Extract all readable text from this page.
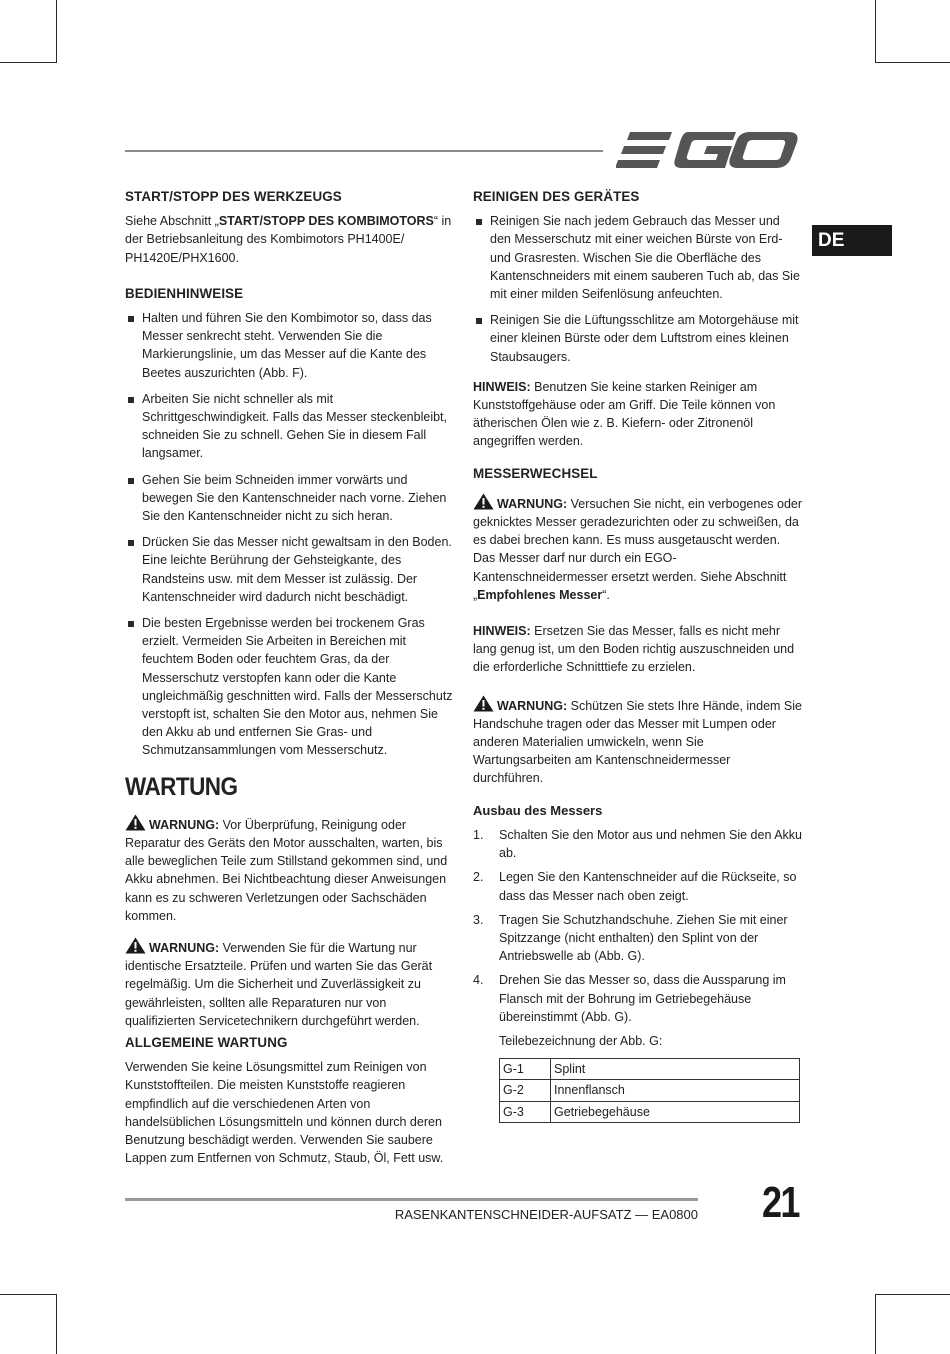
EGO
DE
START/STOPP DES WERKZEUGS
Siehe Abschnitt „START/STOPP DES KOMBIMOTORS“ in der Betriebsanleitung des Kombimotors PH1400E/ PH1420E/PHX1600.
BEDIENHINWEISE
Halten und führen Sie den Kombimotor so, dass das Messer senkrecht steht. Verwenden Sie die Markierungslinie, um das Messer auf die Kante des Beetes auszurichten (Abb. F).
Arbeiten Sie nicht schneller als mit Schrittgeschwindigkeit. Falls das Messer steckenbleibt, schneiden Sie zu schnell. Gehen Sie in diesem Fall langsamer.
Gehen Sie beim Schneiden immer vorwärts und bewegen Sie den Kantenschneider nach vorne. Ziehen Sie den Kantenschneider nicht zu sich heran.
Drücken Sie das Messer nicht gewaltsam in den Boden. Eine leichte Berührung der Gehsteigkante, des Randsteins usw. mit dem Messer ist zulässig. Der Kantenschneider wird dadurch nicht beschädigt.
Die besten Ergebnisse werden bei trockenem Gras erzielt. Vermeiden Sie Arbeiten in Bereichen mit feuchtem Boden oder feuchtem Gras, da der Messerschutz verstopfen kann oder die Kante ungleichmäßig geschnitten wird. Falls der Messerschutz verstopft ist, schalten Sie den Motor aus, nehmen Sie den Akku ab und entfernen Sie Gras- und Schmutzansammlungen vom Messerschutz.
WARTUNG
WARNUNG: Vor Überprüfung, Reinigung oder Reparatur des Geräts den Motor ausschalten, warten, bis alle beweglichen Teile zum Stillstand gekommen sind, und Akku abnehmen. Bei Nichtbeachtung dieser Anweisungen kann es zu schweren Verletzungen oder Sachschäden kommen.
WARNUNG: Verwenden Sie für die Wartung nur identische Ersatzteile. Prüfen und warten Sie das Gerät regelmäßig. Um die Sicherheit und Zuverlässigkeit zu gewährleisten, sollten alle Reparaturen nur von qualifizierten Servicetechnikern durchgeführt werden.
ALLGEMEINE WARTUNG
Verwenden Sie keine Lösungsmittel zum Reinigen von Kunststoffteilen. Die meisten Kunststoffe reagieren empfindlich auf die verschiedenen Arten von handelsüblichen Lösungsmitteln und können durch deren Benutzung beschädigt werden. Verwenden Sie saubere Lappen zum Entfernen von Schmutz, Staub, Öl, Fett usw.
REINIGEN DES GERÄTES
Reinigen Sie nach jedem Gebrauch das Messer und den Messerschutz mit einer weichen Bürste von Erd- und Grasresten. Wischen Sie die Oberfläche des Kantenschneiders mit einem sauberen Tuch ab, das Sie mit einer milden Seifenlösung anfeuchten.
Reinigen Sie die Lüftungsschlitze am Motorgehäuse mit einer kleinen Bürste oder dem Luftstrom eines kleinen Staubsaugers.
HINWEIS: Benutzen Sie keine starken Reiniger am Kunststoffgehäuse oder am Griff. Die Teile können von ätherischen Ölen wie z. B. Kiefern- oder Zitronenöl angegriffen werden.
MESSERWECHSEL
WARNUNG: Versuchen Sie nicht, ein verbogenes oder geknicktes Messer geradezurichten oder zu schweißen, da es dabei brechen kann. Es muss ausgetauscht werden. Das Messer darf nur durch ein EGO-Kantenschneidermesser ersetzt werden. Siehe Abschnitt „Empfohlenes Messer“.
HINWEIS: Ersetzen Sie das Messer, falls es nicht mehr lang genug ist, um den Boden richtig auszuschneiden und die erforderliche Schnitttiefe zu erzielen.
WARNUNG: Schützen Sie stets Ihre Hände, indem Sie Handschuhe tragen oder das Messer mit Lumpen oder anderen Materialien umwickeln, wenn Sie Wartungsarbeiten am Kantenschneidermesser durchführen.
Ausbau des Messers
1. Schalten Sie den Motor aus und nehmen Sie den Akku ab.
2. Legen Sie den Kantenschneider auf die Rückseite, so dass das Messer nach oben zeigt.
3. Tragen Sie Schutzhandschuhe. Ziehen Sie mit einer Spitzzange (nicht enthalten) den Splint von der Antriebswelle ab (Abb. G).
4. Drehen Sie das Messer so, dass die Aussparung im Flansch mit der Bohrung im Getriebegehäuse übereinstimmt (Abb. G).
Teilebezeichnung der Abb. G:
G-1	Splint
G-2	Innenflansch
G-3	Getriebegehäuse
RASENKANTENSCHNEIDER-AUFSATZ — EA0800 21
